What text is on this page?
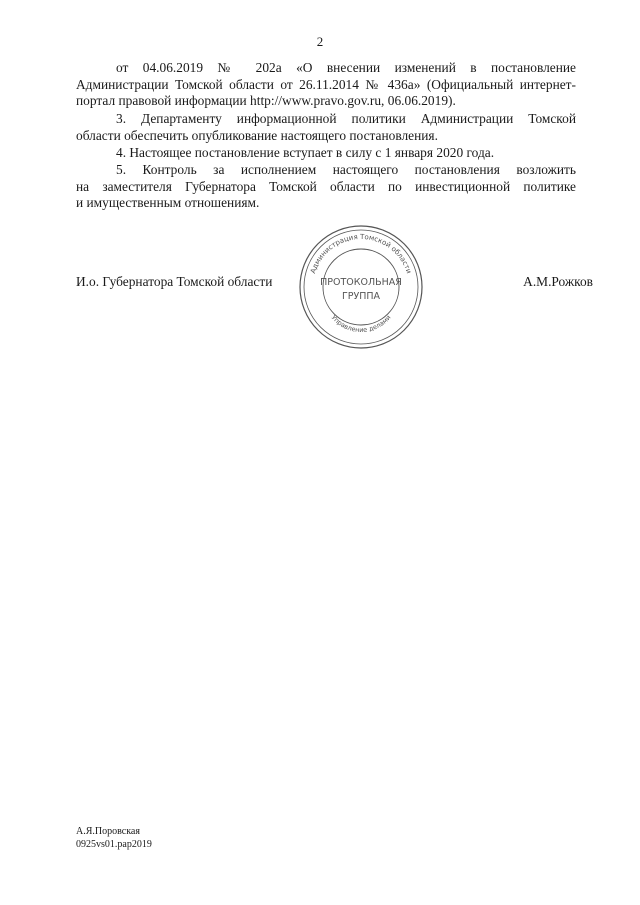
2
от 04.06.2019 № 202а «О внесении изменений в постановление
Администрации Томской области от 26.11.2014 № 436а» (Официальный интернет-
портал правовой информации http://www.pravo.gov.ru, 06.06.2019).
3. Департаменту информационной политики Администрации Томской
области обеспечить опубликование настоящего постановления.
4. Настоящее постановление вступает в силу с 1 января 2020 года.
5. Контроль за исполнением настоящего постановления возложить
на заместителя Губернатора Томской области по инвестиционной политике
и имущественным отношениям.
И.о. Губернатора Томской области	А.М.Рожков
Администрация Томской области
Управление делами
ПРОТОКОЛЬНАЯ
ГРУППА
А.Я.Поровская
0925vs01.pap2019
